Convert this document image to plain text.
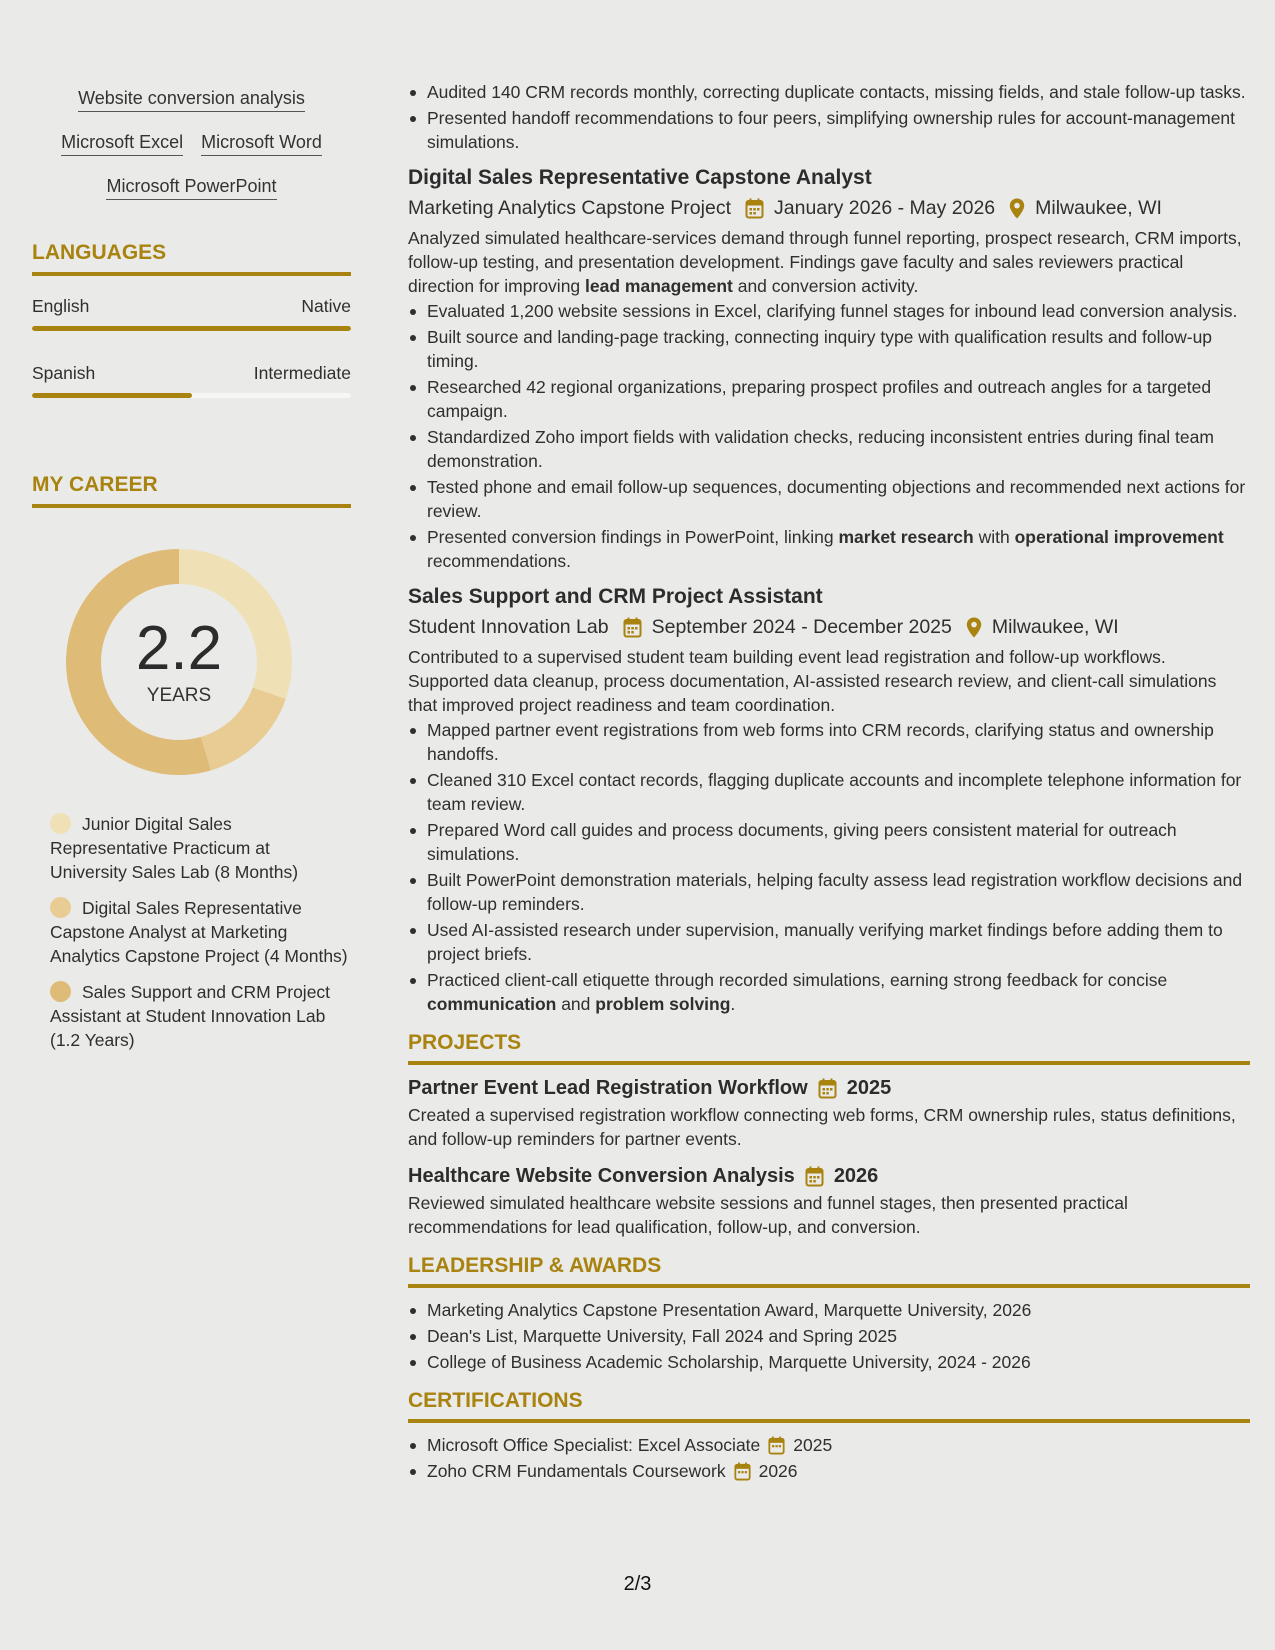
Website conversion analysis
Microsoft Excel Microsoft Word
Microsoft PowerPoint
LANGUAGES
English	Native
Spanish	Intermediate
MY CAREER
2.2
YEARS
Junior Digital Sales Representative Practicum at University Sales Lab (8 Months)
Digital Sales Representative Capstone Analyst at Marketing Analytics Capstone Project (4 Months)
Sales Support and CRM Project Assistant at Student Innovation Lab (1.2 Years)
Audited 140 CRM records monthly, correcting duplicate contacts, missing fields, and stale follow-up tasks.
Presented handoff recommendations to four peers, simplifying ownership rules for account-management simulations.
Digital Sales Representative Capstone Analyst
Marketing Analytics Capstone Project January 2026 - May 2026 Milwaukee, WI
Analyzed simulated healthcare-services demand through funnel reporting, prospect research, CRM imports, follow-up testing, and presentation development. Findings gave faculty and sales reviewers practical direction for improving lead management and conversion activity.
Evaluated 1,200 website sessions in Excel, clarifying funnel stages for inbound lead conversion analysis.
Built source and landing-page tracking, connecting inquiry type with qualification results and follow-up timing.
Researched 42 regional organizations, preparing prospect profiles and outreach angles for a targeted campaign.
Standardized Zoho import fields with validation checks, reducing inconsistent entries during final team demonstration.
Tested phone and email follow-up sequences, documenting objections and recommended next actions for review.
Presented conversion findings in PowerPoint, linking market research with operational improvement recommendations.
Sales Support and CRM Project Assistant
Student Innovation Lab September 2024 - December 2025 Milwaukee, WI
Contributed to a supervised student team building event lead registration and follow-up workflows. Supported data cleanup, process documentation, AI-assisted research review, and client-call simulations that improved project readiness and team coordination.
Mapped partner event registrations from web forms into CRM records, clarifying status and ownership handoffs.
Cleaned 310 Excel contact records, flagging duplicate accounts and incomplete telephone information for team review.
Prepared Word call guides and process documents, giving peers consistent material for outreach simulations.
Built PowerPoint demonstration materials, helping faculty assess lead registration workflow decisions and follow-up reminders.
Used AI-assisted research under supervision, manually verifying market findings before adding them to project briefs.
Practiced client-call etiquette through recorded simulations, earning strong feedback for concise communication and problem solving.
PROJECTS
Partner Event Lead Registration Workflow 2025
Created a supervised registration workflow connecting web forms, CRM ownership rules, status definitions, and follow-up reminders for partner events.
Healthcare Website Conversion Analysis 2026
Reviewed simulated healthcare website sessions and funnel stages, then presented practical recommendations for lead qualification, follow-up, and conversion.
LEADERSHIP & AWARDS
Marketing Analytics Capstone Presentation Award, Marquette University, 2026
Dean's List, Marquette University, Fall 2024 and Spring 2025
College of Business Academic Scholarship, Marquette University, 2024 - 2026
CERTIFICATIONS
Microsoft Office Specialist: Excel Associate 2025
Zoho CRM Fundamentals Coursework 2026
2/3
